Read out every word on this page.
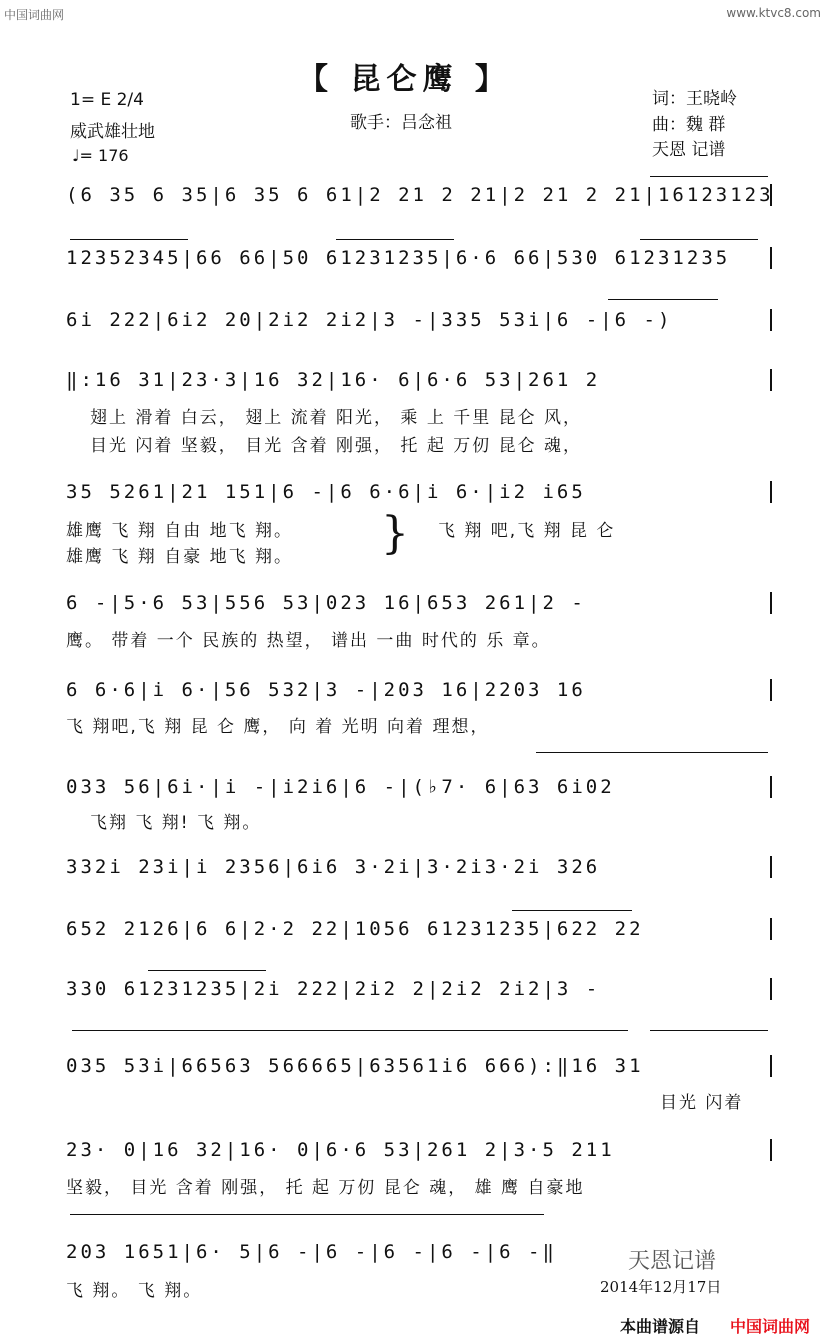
中国词曲网	www.ktvc8.com
【 昆仑鹰 】
1= E 2/4
威武雄壮地
♩= 176
歌手：吕念祖
词：王晓岭
曲：魏 群
天恩 记谱
(6 35 6 35|6 35 6 61|2 21 2 21|2 21 2 21|16123123
12352345|66 66|50 61231235|6·6 66|530 61231235
6i 222|6i2 20|2i2 2i2|3 -|335 53i|6 -|6 -)
‖:16 31|23·3|16 32|16· 6|6·6 53|261 2
翅上 滑着 白云， 翅上 流着 阳光， 乘 上 千里 昆仑 风，
目光 闪着 坚毅， 目光 含着 刚强， 托 起 万仞 昆仑 魂，
35 5261|21 151|6 -|6 6·6|i 6·|i2 i65
雄鹰 飞 翔 自由 地飞 翔。
雄鹰 飞 翔 自豪 地飞 翔。	} 飞 翔 吧,飞 翔 昆 仑
6 -|5·6 53|556 53|023 16|653 261|2 -
鹰。 带着 一个 民族的 热望， 谱出 一曲 时代的 乐 章。
6 6·6|i 6·|56 532|3 -|203 16|2203 16
飞 翔吧,飞 翔 昆 仑 鹰， 向 着 光明 向着 理想，
033 56|6i·|i -|i2i6|6 -|(♭7· 6|63 6i02
飞翔 飞 翔! 飞 翔。
332i 23i|i 2356|6i6 3·2i|3·2i3·2i 326
652 2126|6 6|2·2 22|1056 61231235|622 22
330 61231235|2i 222|2i2 2|2i2 2i2|3 -
035 53i|66563 566665|63561i6 666):‖16 31
目光 闪着
23· 0|16 32|16· 0|6·6 53|261 2|3·5 211
坚毅， 目光 含着 刚强， 托 起 万仞 昆仑 魂， 雄 鹰 自豪地
203 1651|6· 5|6 -|6 -|6 -|6 -|6 -‖
飞 翔。 飞 翔。
天恩记谱
2014年12月17日
本曲谱源自 中国词曲网
